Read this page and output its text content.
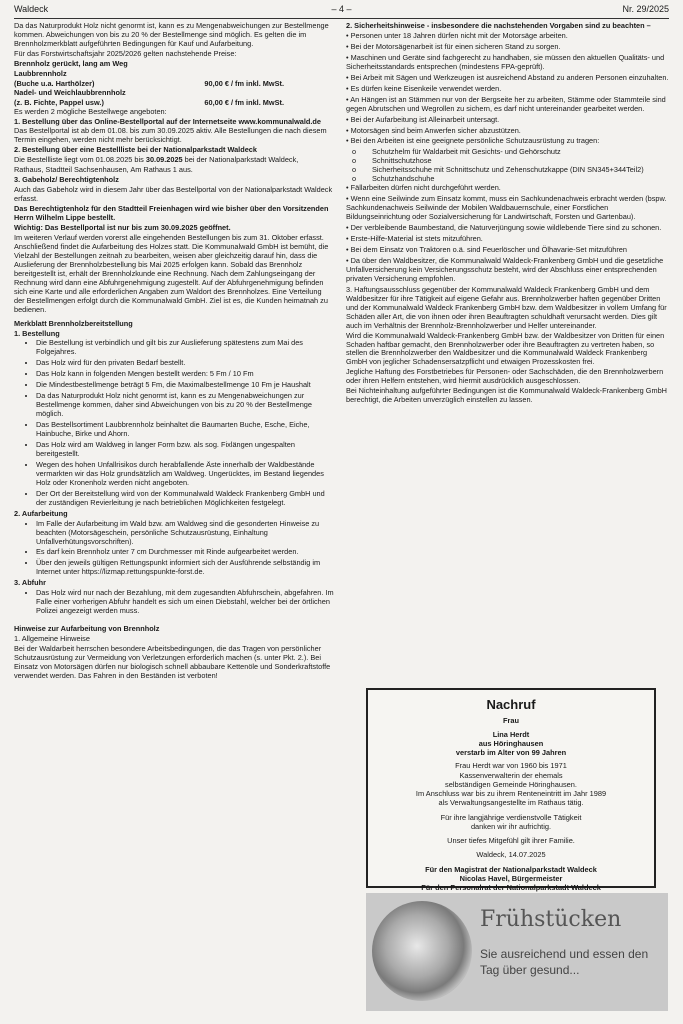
Waldeck	– 4 –	Nr. 29/2025

Da das Naturprodukt Holz nicht genormt ist, kann es zu Mengenabweichungen zur Bestellmenge kommen. Abweichungen von bis zu 20 % der Bestellmenge sind möglich. Es gelten die im Brennholzmerkblatt aufgeführten Bedingungen für Kauf und Aufarbeitung.

Für das Forstwirtschaftsjahr 2025/2026 gelten nachstehende Preise:

Brennholz gerückt, lang am Weg

Laubbrennholz

(Buche u.a. Harthölzer)	90,00 € / fm inkl. MwSt.

Nadel- und Weichlaubbrennholz

(z. B. Fichte, Pappel usw.)	60,00 € / fm inkl. MwSt.

Es werden 2 mögliche Bestellwege angeboten:

1. Bestellung über das Online-Bestellportal auf der Internetseite www.kommunalwald.de

Das Bestellportal ist ab dem 01.08. bis zum 30.09.2025 aktiv. Alle Bestellungen die nach diesem Termin eingehen, werden nicht mehr berücksichtigt.

2. Bestellung über eine Bestellliste bei der Nationalparkstadt Waldeck

Die Bestellliste liegt vom 01.08.2025 bis 30.09.2025 bei der Nationalparkstadt Waldeck,

Rathaus, Stadtteil Sachsenhausen, Am Rathaus 1 aus.

3. Gabeholz/ Berechtigtenholz

Auch das Gabeholz wird in diesem Jahr über das Bestellportal von der Nationalparkstadt Waldeck erfasst.

Das Berechtigtenholz für den Stadtteil Freienhagen wird wie bisher über den Vorsitzenden Herrn Wilhelm Lippe bestellt.

Wichtig: Das Bestellportal ist nur bis zum 30.09.2025 geöffnet.

Im weiteren Verlauf werden vorerst alle eingehenden Bestellungen bis zum 31. Oktober erfasst. Anschließend findet die Aufarbeitung des Holzes statt. Die Kommunalwald GmbH ist bemüht, die Vielzahl der Bestellungen zeitnah zu bearbeiten, weisen aber gleichzeitig darauf hin, dass die Auslieferung der Brennholzbestellung bis Mai 2025 erfolgen kann. Sobald das Brennholz bereitgestellt ist, erhält der Brennholzkunde eine Rechnung. Nach dem Zahlungseingang der Rechnung wird dann eine Abfuhrgenehmigung zugestellt. Auf der Abfuhrgenehmigung befinden sich eine Karte und alle erforderlichen Angaben zum Waldort des Brennholzes. Eine Verteilung der Bestellmengen erfolgt durch die Kommunalwald GmbH. Ziel ist es, die Kunden heimatnah zu bedienen.

Merkblatt Brennholzbereitstellung

1. Bestellung

• Die Bestellung ist verbindlich und gilt bis zur Auslieferung spätestens zum Mai des Folgejahres.
• Das Holz wird für den privaten Bedarf bestellt.
• Das Holz kann in folgenden Mengen bestellt werden: 5 Fm / 10 Fm
• Die Mindestbestellmenge beträgt 5 Fm, die Maximalbestellmenge 10 Fm je Haushalt
• Da das Naturprodukt Holz nicht genormt ist, kann es zu Mengenabweichungen zur Bestellmenge kommen, daher sind Abweichungen von bis zu 20 % der Bestellmenge möglich.
• Das Bestellsortiment Laubbrennholz beinhaltet die Baumarten Buche, Esche, Eiche, Hainbuche, Birke und Ahorn.
• Das Holz wird am Waldweg in langer Form bzw. als sog. Fixlängen ungespalten bereitgestellt.
• Wegen des hohen Unfallrisikos durch herabfallende Äste innerhalb der Waldbestände vermarkten wir das Holz grundsätzlich am Waldweg. Ungerücktes, im Bestand liegendes Holz oder Kronenholz werden nicht angeboten.
• Der Ort der Bereitstellung wird von der Kommunalwald Waldeck Frankenberg GmbH und der zuständigen Revierleitung je nach betrieblichen Möglichkeiten festgelegt.

2. Aufarbeitung

• Im Falle der Aufarbeitung im Wald bzw. am Waldweg sind die gesonderten Hinweise zu beachten (Motorsägeschein, persönliche Schutzausrüstung, Einhaltung Unfallverhütungsvorschriften).
• Es darf kein Brennholz unter 7 cm Durchmesser mit Rinde aufgearbeitet werden.
• Über den jeweils gültigen Rettungspunkt informiert sich der Ausführende selbständig im Internet unter https://lizmap.rettungspunkte-forst.de.

3. Abfuhr

• Das Holz wird nur nach der Bezahlung, mit dem zugesandten Abfuhrschein, abgefahren. Im Falle einer vorherigen Abfuhr handelt es sich um einen Diebstahl, welcher bei der örtlichen Polizei angezeigt werden muss.

Hinweise zur Aufarbeitung von Brennholz

1. Allgemeine Hinweise

Bei der Waldarbeit herrschen besondere Arbeitsbedingungen, die das Tragen von persönlicher Schutzausrüstung zur Vermeidung von Verletzungen erforderlich machen (s. unter Pkt. 2.). Bei Einsatz von Motorsägen dürfen nur biologisch schnell abbaubare Kettenöle und Sonderkraftstoffe verwendet werden. Das Fahren in den Beständen ist verboten!

2. Sicherheitshinweise - insbesondere die nachstehenden Vorgaben sind zu beachten –

• Personen unter 18 Jahren dürfen nicht mit der Motorsäge arbeiten.
• Bei der Motorsägenarbeit ist für einen sicheren Stand zu sorgen.
• Maschinen und Geräte sind fachgerecht zu handhaben, sie müssen den aktuellen Qualitäts- und Sicherheitsstandards entsprechen (mindestens FPA-geprüft).
• Bei Arbeit mit Sägen und Werkzeugen ist ausreichend Abstand zu anderen Personen einzuhalten.
• Es dürfen keine Eisenkeile verwendet werden.
• An Hängen ist an Stämmen nur von der Bergseite her zu arbeiten, Stämme oder Stammteile sind gegen Abrutschen und Wegrollen zu sichern, es darf nicht untereinander gearbeitet werden.
• Bei der Aufarbeitung ist Alleinarbeit untersagt.
• Motorsägen sind beim Anwerfen sicher abzustützen.
• Bei den Arbeiten ist eine geeignete persönliche Schutzausrüstung zu tragen:
o Schutzhelm für Waldarbeit mit Gesichts- und Gehörschutz
o Schnittschutzhose
o Sicherheitsschuhe mit Schnittschutz und Zehenschutzkappe (DIN SN345+344Teil2)
o Schutzhandschuhe
• Fällarbeiten dürfen nicht durchgeführt werden.
• Wenn eine Seilwinde zum Einsatz kommt, muss ein Sachkundenachweis erbracht werden (bspw. Sachkundenachweis Seilwinde der Mobilen Waldbauernschule, einer Forstlichen Bildungseinrichtung oder Sozialversicherung für Landwirtschaft, Forsten und Gartenbau).
• Der verbleibende Baumbestand, die Naturverjüngung sowie wildlebende Tiere sind zu schonen.
• Erste-Hilfe-Material ist stets mitzuführen.
• Bei dem Einsatz von Traktoren o.ä. sind Feuerlöscher und Ölhavarie-Set mitzuführen
• Da über den Waldbesitzer, die Kommunalwald Waldeck-Frankenberg GmbH und die gesetzliche Unfallversicherung kein Versicherungsschutz besteht, wird der Abschluss einer entsprechenden privaten Versicherung empfohlen.

3. Haftungsausschluss gegenüber der Kommunalwald Waldeck Frankenberg GmbH und dem Waldbesitzer für ihre Tätigkeit auf eigene Gefahr aus. Brennholzwerber haften gegenüber Dritten und der Kommunalwald Waldeck Frankenberg GmbH bzw. dem Waldbesitzer in vollem Umfang für Schäden aller Art, die von ihnen oder ihren Beauftragten schuldhaft verursacht werden. Dies gilt auch im Verhältnis der Brennholz-Brennholzwerber und Helfer untereinander.

Wird die Kommunalwald Waldeck-Frankenberg GmbH bzw. der Waldbesitzer von Dritten für einen Schaden haftbar gemacht, den Brennholzwerber oder ihre Beauftragten zu vertreten haben, so stellen die Brennholzwerber den Waldbesitzer und die Kommunalwald Waldeck Frankenberg GmbH von jeglicher Schadensersatzpflicht und etwaigen Prozesskosten frei.

Jegliche Haftung des Forstbetriebes für Personen- oder Sachschäden, die den Brennholzwerbern oder ihren Helfern entstehen, wird hiermit ausdrücklich ausgeschlossen.

Bei Nichteinhaltung aufgeführter Bedingungen ist die Kommunalwald Waldeck-Frankenberg GmbH berechtigt, die Arbeiten unverzüglich einstellen zu lassen.

Nachruf

Frau

Lina Herdt

aus Höringhausen

verstarb im Alter von 99 Jahren

Frau Herdt war von 1960 bis 1971

Kassenverwalterin der ehemals

selbständigen Gemeinde Höringhausen.

Im Anschluss war bis zu ihrem Renteneintritt im Jahr 1989

als Verwaltungsangestellte im Rathaus tätig.

Für ihre langjährige verdienstvolle Tätigkeit

danken wir ihr aufrichtig.

Unser tiefes Mitgefühl gilt ihrer Familie.

Waldeck, 14.07.2025

Für den Magistrat der Nationalparkstadt Waldeck

Nicolas Havel, Bürgermeister

Für den Personalrat der Nationalparkstadt Waldeck

Frühstücken
Sie ausreichend und essen den Tag über gesund...
